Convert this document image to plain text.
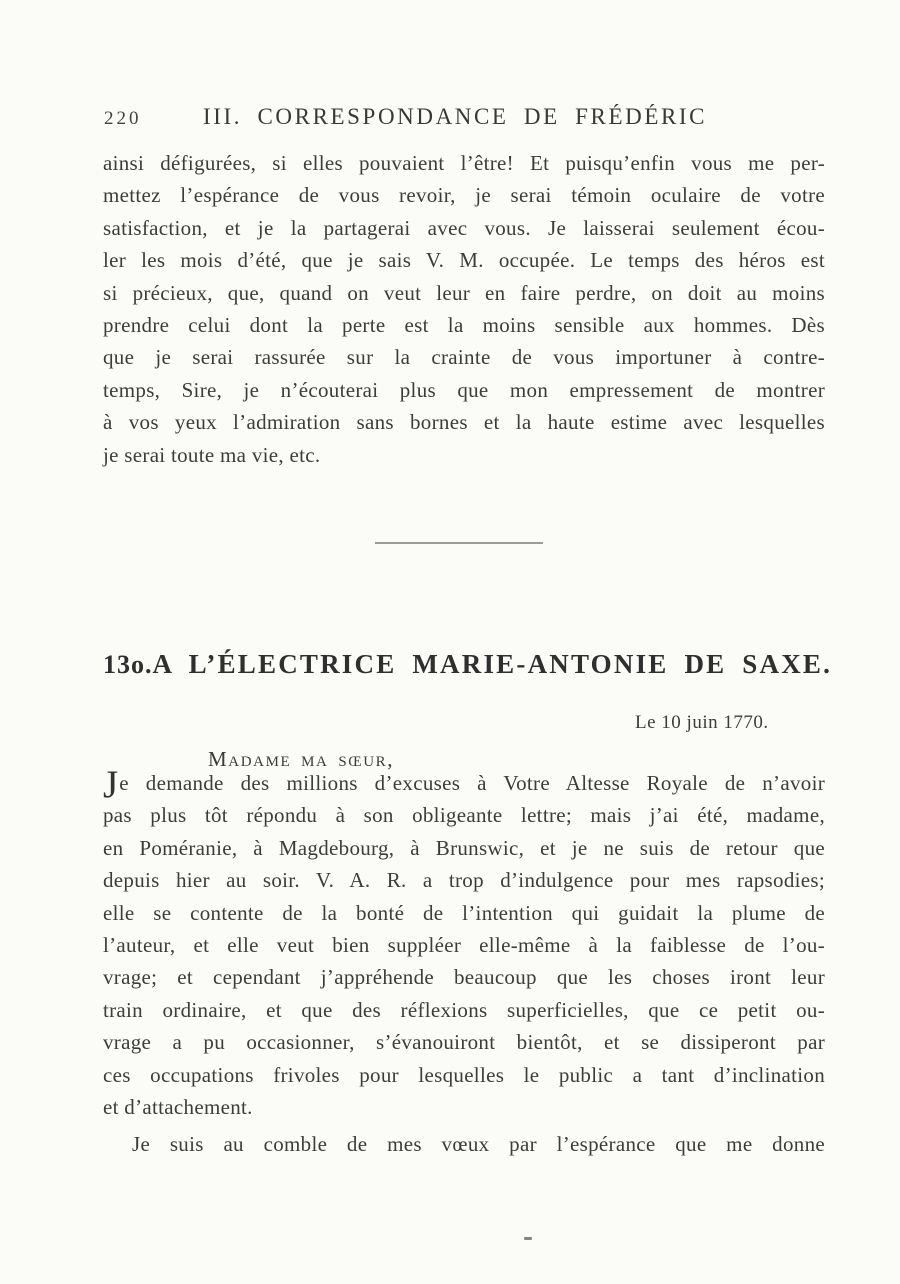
220	III. CORRESPONDANCE DE FRÉDÉRIC
ainsi défigurées, si elles pouvaient l’être! Et puisqu’enfin vous me per-
mettez l’espérance de vous revoir, je serai témoin oculaire de votre
satisfaction, et je la partagerai avec vous. Je laisserai seulement écou-
ler les mois d’été, que je sais V. M. occupée. Le temps des héros est
si précieux, que, quand on veut leur en faire perdre, on doit au moins
prendre celui dont la perte est la moins sensible aux hommes. Dès
que je serai rassurée sur la crainte de vous importuner à contre-
temps, Sire, je n’écouterai plus que mon empressement de montrer
à vos yeux l’admiration sans bornes et la haute estime avec lesquelles
je serai toute ma vie, etc.
13o. A L’ÉLECTRICE MARIE-ANTONIE DE SAXE.
Le 10 juin 1770.
Madame ma sœur,
Je demande des millions d’excuses à Votre Altesse Royale de n’avoir
pas plus tôt répondu à son obligeante lettre; mais j’ai été, madame,
en Poméranie, à Magdebourg, à Brunswic, et je ne suis de retour que
depuis hier au soir. V. A. R. a trop d’indulgence pour mes rapsodies;
elle se contente de la bonté de l’intention qui guidait la plume de
l’auteur, et elle veut bien suppléer elle-même à la faiblesse de l’ou-
vrage; et cependant j’appréhende beaucoup que les choses iront leur
train ordinaire, et que des réflexions superficielles, que ce petit ou-
vrage a pu occasionner, s’évanouiront bientôt, et se dissiperont par
ces occupations frivoles pour lesquelles le public a tant d’inclination
et d’attachement.
Je suis au comble de mes vœux par l’espérance que me donne
